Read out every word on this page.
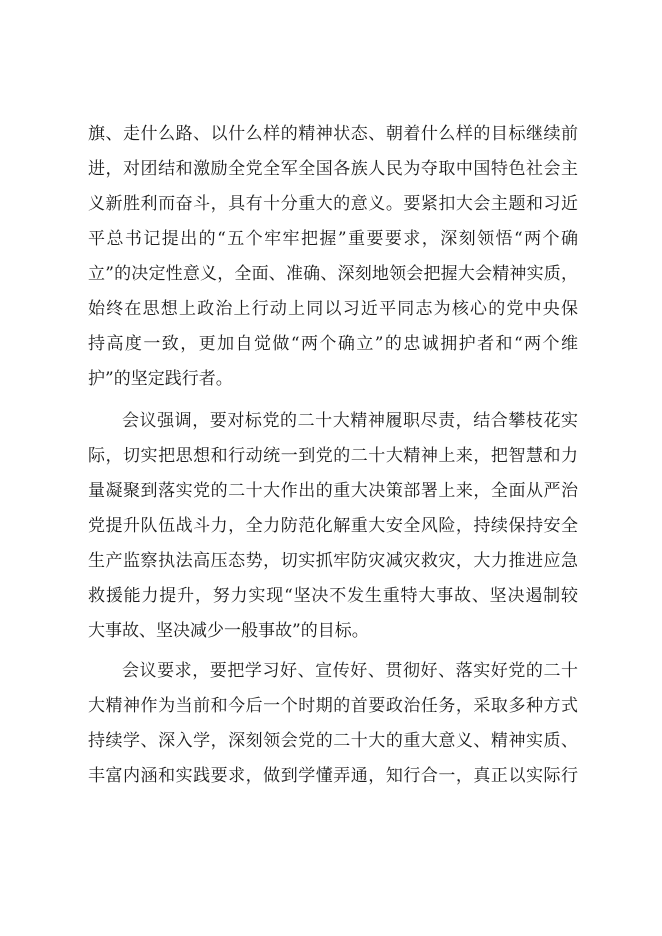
旗、走什么路、以什么样的精神状态、朝着什么样的目标继续前
进，对团结和激励全党全军全国各族人民为夺取中国特色社会主
义新胜利而奋斗，具有十分重大的意义。要紧扣大会主题和习近
平总书记提出的“五个牢牢把握”重要要求，深刻领悟“两个确
立”的决定性意义，全面、准确、深刻地领会把握大会精神实质，
始终在思想上政治上行动上同以习近平同志为核心的党中央保
持高度一致，更加自觉做“两个确立”的忠诚拥护者和“两个维
护”的坚定践行者。
会议强调，要对标党的二十大精神履职尽责，结合攀枝花实
际，切实把思想和行动统一到党的二十大精神上来，把智慧和力
量凝聚到落实党的二十大作出的重大决策部署上来，全面从严治
党提升队伍战斗力，全力防范化解重大安全风险，持续保持安全
生产监察执法高压态势，切实抓牢防灾减灾救灾，大力推进应急
救援能力提升，努力实现“坚决不发生重特大事故、坚决遏制较
大事故、坚决减少一般事故”的目标。
会议要求，要把学习好、宣传好、贯彻好、落实好党的二十
大精神作为当前和今后一个时期的首要政治任务，采取多种方式
持续学、深入学，深刻领会党的二十大的重大意义、精神实质、
丰富内涵和实践要求，做到学懂弄通，知行合一，真正以实际行
